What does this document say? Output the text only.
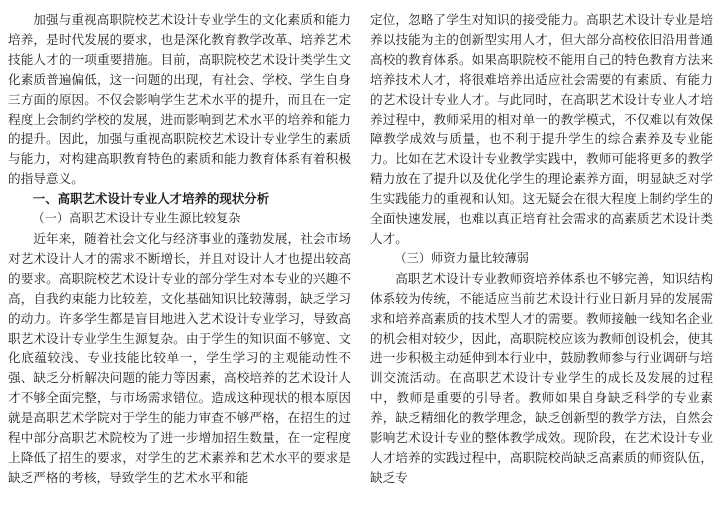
加强与重视高职院校艺术设计专业学生的文化素质和能力培养，是时代发展的要求，也是深化教育教学改革、培养艺术技能人才的一项重要措施。目前，高职院校艺术设计类学生文化素质普遍偏低，这一问题的出现，有社会、学校、学生自身三方面的原因。不仅会影响学生艺术水平的提升，而且在一定程度上会制约学校的发展，进而影响到艺术水平的培养和能力的提升。因此，加强与重视高职院校艺术设计专业学生的素质与能力，对构建高职教育特色的素质和能力教育体系有着积极的指导意义。

一、高职艺术设计专业人才培养的现状分析

（一）高职艺术设计专业生源比较复杂

近年来，随着社会文化与经济事业的蓬勃发展，社会市场对艺术设计人才的需求不断增长，并且对设计人才也提出较高的要求。高职院校艺术设计专业的部分学生对本专业的兴趣不高，自我约束能力比较差，文化基础知识比较薄弱，缺乏学习的动力。许多学生都是盲目地进入艺术设计专业学习，导致高职艺术设计专业学生生源复杂。由于学生的知识面不够宽、文化底蕴较浅、专业技能比较单一，学生学习的主观能动性不强、缺乏分析解决问题的能力等因素，高校培养的艺术设计人才不够全面完整，与市场需求错位。造成这种现状的根本原因就是高职艺术学院对于学生的能力审查不够严格，在招生的过程中部分高职艺术院校为了进一步增加招生数量，在一定程度上降低了招生的要求，对学生的艺术素养和艺术水平的要求是缺乏严格的考核，导致学生的艺术水平和能

定位，忽略了学生对知识的接受能力。高职艺术设计专业是培养以技能为主的创新型实用人才，但大部分高校依旧沿用普通高校的教育体系。如果高职院校不能用自己的特色教育方法来培养技术人才，将很难培养出适应社会需要的有素质、有能力的艺术设计专业人才。与此同时，在高职艺术设计专业人才培养过程中，教师采用的相对单一的教学模式，不仅难以有效保障教学成效与质量，也不利于提升学生的综合素养及专业能力。比如在艺术设计专业教学实践中，教师可能将更多的教学精力放在了提升以及优化学生的理论素养方面，明显缺乏对学生实践能力的重视和认知。这无疑会在很大程度上制约学生的全面快速发展，也难以真正培育社会需求的高素质艺术设计类人才。

（三）师资力量比较薄弱

高职艺术设计专业教师资培养体系也不够完善，知识结构体系较为传统，不能适应当前艺术设计行业日新月异的发展需求和培养高素质的技术型人才的需要。教师接触一线知名企业的机会相对较少，因此，高职院校应该为教师创设机会，使其进一步积极主动延伸到本行业中，鼓励教师参与行业调研与培训交流活动。在高职艺术设计专业学生的成长及发展的过程中，教师是重要的引导者。教师如果自身缺乏科学的专业素养，缺乏精细化的教学理念，缺乏创新型的教学方法，自然会影响艺术设计专业的整体教学成效。现阶段，在艺术设计专业人才培养的实践过程中，高职院校尚缺乏高素质的师资队伍，缺乏专
